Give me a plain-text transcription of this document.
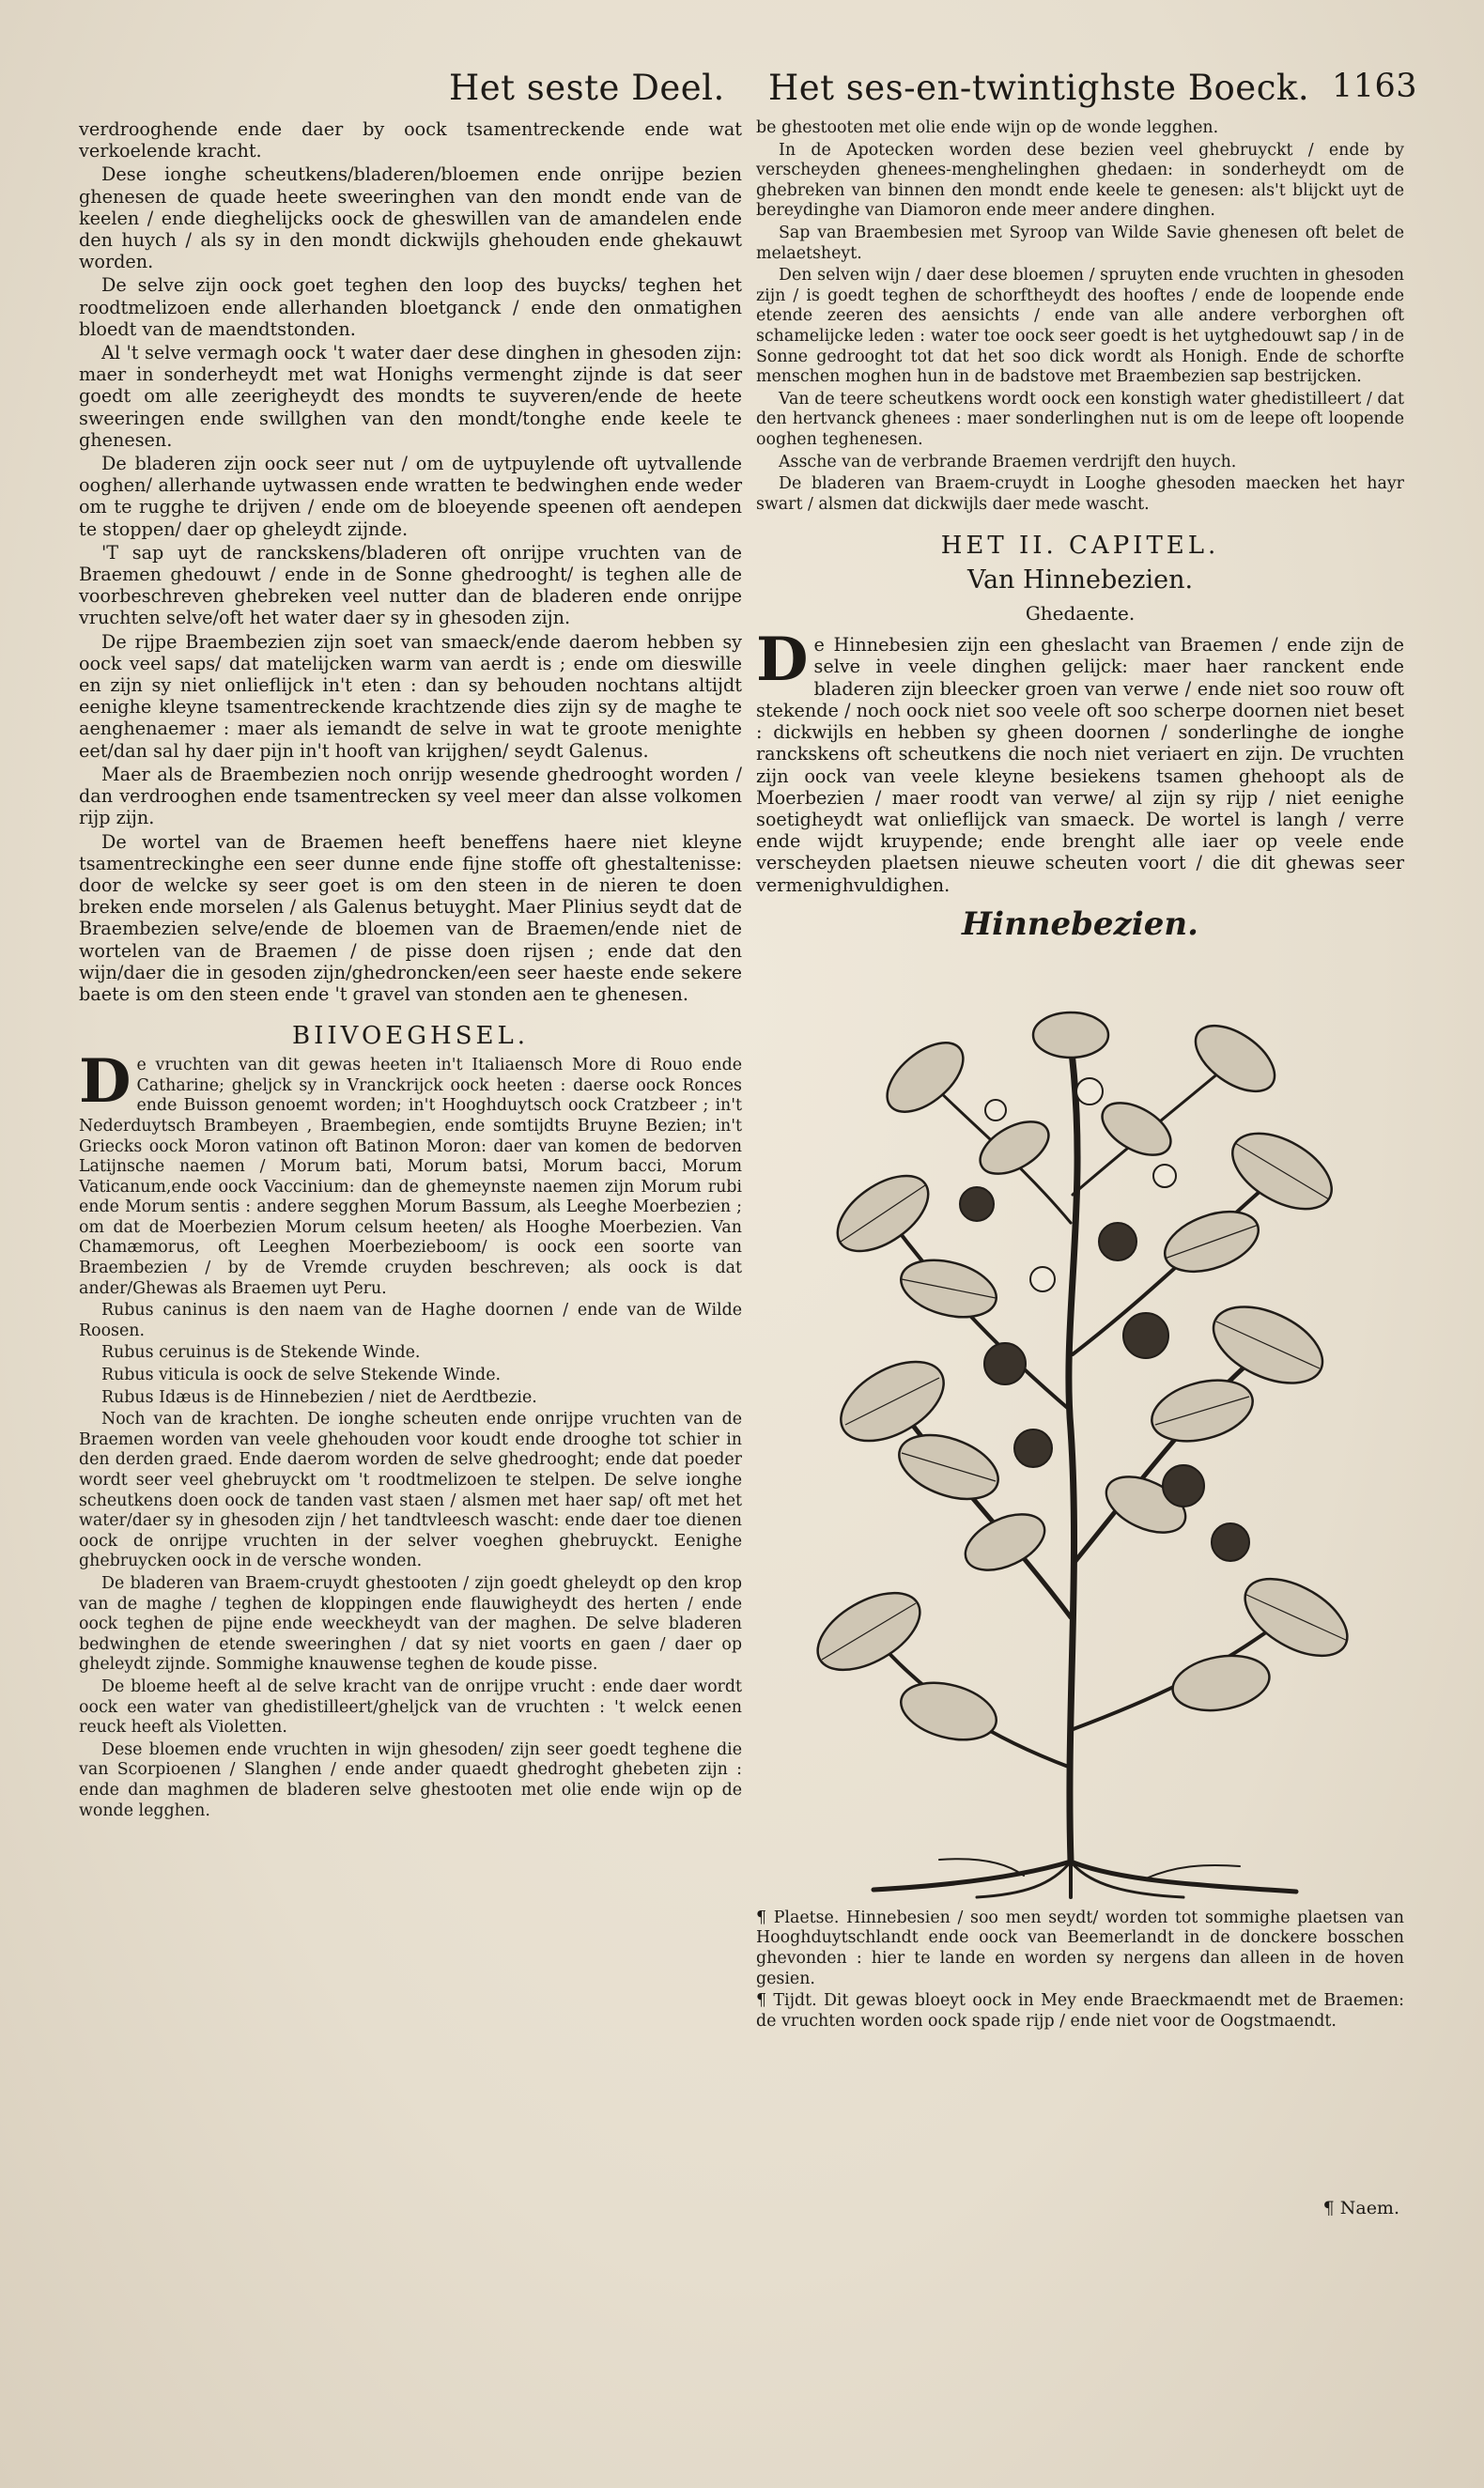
Het seste Deel. Het ses-en-twintighste Boeck. 1163

verdrooghende ende daer by oock tsamentreckende ende wat verkoelende kracht.

Dese ionghe scheutkens/bladeren/bloemen ende onrijpe bezien ghenesen de quade heete sweeringhen van den mondt ende van de keelen / ende dieghelijcks oock de gheswillen van de amandelen ende den huych / als sy in den mondt dickwijls ghehouden ende ghekauwt worden.

De selve zijn oock goet teghen den loop des buycks/ teghen het roodtmelizoen ende allerhanden bloetganck / ende den onmatighen bloedt van de maendtstonden.

Al 't selve vermagh oock 't water daer dese dinghen in ghesoden zijn: maer in sonderheydt met wat Honighs vermenght zijnde is dat seer goedt om alle zeerigheydt des mondts te suyveren/ende de heete sweeringen ende swillghen van den mondt/tonghe ende keele te ghenesen.

De bladeren zijn oock seer nut / om de uytpuylende oft uytvallende ooghen/ allerhande uytwassen ende wratten te bedwinghen ende weder om te rugghe te drijven / ende om de bloeyende speenen oft aendepen te stoppen/ daer op gheleydt zijnde.

'T sap uyt de ranckskens/bladeren oft onrijpe vruchten van de Braemen ghedouwt / ende in de Sonne ghedrooght/ is teghen alle de voorbeschreven ghebreken veel nutter dan de bladeren ende onrijpe vruchten selve/oft het water daer sy in ghesoden zijn.

De rijpe Braembezien zijn soet van smaeck/ende daerom hebben sy oock veel saps/ dat matelijcken warm van aerdt is ; ende om dieswille en zijn sy niet onlieflijck in't eten : dan sy behouden nochtans altijdt eenighe kleyne tsamentreckende krachtzende dies zijn sy de maghe te aenghenaemer : maer als iemandt de selve in wat te groote menighte eet/dan sal hy daer pijn in't hooft van krijghen/ seydt Galenus.

Maer als de Braembezien noch onrijp wesende ghedrooght worden / dan verdrooghen ende tsamentrecken sy veel meer dan alsse volkomen rijp zijn.

De wortel van de Braemen heeft beneffens haere niet kleyne tsamentreckinghe een seer dunne ende fijne stoffe oft ghestaltenisse: door de welcke sy seer goet is om den steen in de nieren te doen breken ende morselen / als Galenus betuyght. Maer Plinius seydt dat de Braembezien selve/ende de bloemen van de Braemen/ende niet de wortelen van de Braemen / de pisse doen rijsen ; ende dat den wijn/daer die in gesoden zijn/ghedroncken/een seer haeste ende sekere baete is om den steen ende 't gravel van stonden aen te ghenesen.

BIIVOEGHSEL.

De vruchten van dit gewas heeten in't Italiaensch More di Rouo ende Catharine; gheljck sy in Vranckrijck oock heeten : daerse oock Ronces ende Buisson genoemt worden; in't Hooghduytsch oock Cratzbeer ; in't Nederduytsch Brambeyen , Braembegien, ende somtijdts Bruyne Bezien; in't Griecks oock Moron vatinon oft Batinon Moron: daer van komen de bedorven Latijnsche naemen / Morum bati, Morum batsi, Morum bacci, Morum Vaticanum,ende oock Vaccinium: dan de ghemeynste naemen zijn Morum rubi ende Morum sentis : andere segghen Morum Bassum, als Leeghe Moerbezien ; om dat de Moerbezien Morum celsum heeten/ als Hooghe Moerbezien. Van Chamæmorus, oft Leeghen Moerbezieboom/ is oock een soorte van Braembezien / by de Vremde cruyden beschreven; als oock is dat ander/Ghewas als Braemen uyt Peru.

Rubus caninus is den naem van de Haghe doornen / ende van de Wilde Roosen.

Rubus ceruinus is de Stekende Winde.

Rubus viticula is oock de selve Stekende Winde.

Rubus Idæus is de Hinnebezien / niet de Aerdtbezie.

Noch van de krachten. De ionghe scheuten ende onrijpe vruchten van de Braemen worden van veele ghehouden voor koudt ende drooghe tot schier in den derden graed. Ende daerom worden de selve ghedrooght; ende dat poeder wordt seer veel ghebruyckt om 't roodtmelizoen te stelpen. De selve ionghe scheutkens doen oock de tanden vast staen / alsmen met haer sap/ oft met het water/daer sy in ghesoden zijn / het tandtvleesch wascht: ende daer toe dienen oock de onrijpe vruchten in der selver voeghen ghebruyckt. Eenighe ghebruycken oock in de versche wonden.

De bladeren van Braem-cruydt ghestooten / zijn goedt gheleydt op den krop van de maghe / teghen de kloppingen ende flauwigheydt des herten / ende oock teghen de pijne ende weeckheydt van der maghen. De selve bladeren bedwinghen de etende sweeringhen / dat sy niet voorts en gaen / daer op gheleydt zijnde. Sommighe knauwense teghen de koude pisse.

De bloeme heeft al de selve kracht van de onrijpe vrucht : ende daer wordt oock een water van ghedistilleert/gheljck van de vruchten : 't welck eenen reuck heeft als Violetten.

Dese bloemen ende vruchten in wijn ghesoden/ zijn seer goedt teghene die van Scorpioenen / Slanghen / ende ander quaedt ghedroght ghebeten zijn : ende dan maghmen de bladeren selve ghestooten met olie ende wijn op de wonde legghen.

be ghestooten met olie ende wijn op de wonde legghen.

In de Apotecken worden dese bezien veel ghebruyckt / ende by verscheyden ghenees-menghelinghen ghedaen: in sonderheydt om de ghebreken van binnen den mondt ende keele te genesen: als't blijckt uyt de bereydinghe van Diamoron ende meer andere dinghen.

Sap van Braembesien met Syroop van Wilde Savie ghenesen oft belet de melaetsheyt.

Den selven wijn / daer dese bloemen / spruyten ende vruchten in ghesoden zijn / is goedt teghen de schorftheydt des hooftes / ende de loopende ende etende zeeren des aensichts / ende van alle andere verborghen oft schamelijcke leden : water toe oock seer goedt is het uytghedouwt sap / in de Sonne gedrooght tot dat het soo dick wordt als Honigh. Ende de schorfte menschen moghen hun in de badstove met Braembezien sap bestrijcken.

Van de teere scheutkens wordt oock een konstigh water ghedistilleert / dat den hertvanck ghenees : maer sonderlinghen nut is om de leepe oft loopende ooghen teghenesen.

Assche van de verbrande Braemen verdrijft den huych.

De bladeren van Braem-cruydt in Looghe ghesoden maecken het hayr swart / alsmen dat dickwijls daer mede wascht.

HET II. CAPITEL.
Van Hinnebezien.
Ghedaente.

De Hinnebesien zijn een gheslacht van Braemen / ende zijn de selve in veele dinghen gelijck: maer haer ranckent ende bladeren zijn bleecker groen van verwe / ende niet soo rouw oft stekende / noch oock niet soo veele oft soo scherpe doornen niet beset : dickwijls en hebben sy gheen doornen / sonderlinghe de ionghe ranckskens oft scheutkens die noch niet veriaert en zijn. De vruchten zijn oock van veele kleyne besiekens tsamen ghehoopt als de Moerbezien / maer roodt van verwe/ al zijn sy rijp / niet eenighe soetigheydt wat onlieflijck van smaeck. De wortel is langh / verre ende wijdt kruypende; ende brenght alle iaer op veele ende verscheyden plaetsen nieuwe scheuten voort / die dit ghewas seer vermenighvuldighen.

Hinnebezien.

¶ Plaetse. Hinnebesien / soo men seydt/ worden tot sommighe plaetsen van Hooghduytschlandt ende oock van Beemerlandt in de donckere bosschen ghevonden : hier te lande en worden sy nergens dan alleen in de hoven gesien.

¶ Tijdt. Dit gewas bloeyt oock in Mey ende Braeckmaendt met de Braemen: de vruchten worden oock spade rijp / ende niet voor de Oogstmaendt.

¶ Naem.
